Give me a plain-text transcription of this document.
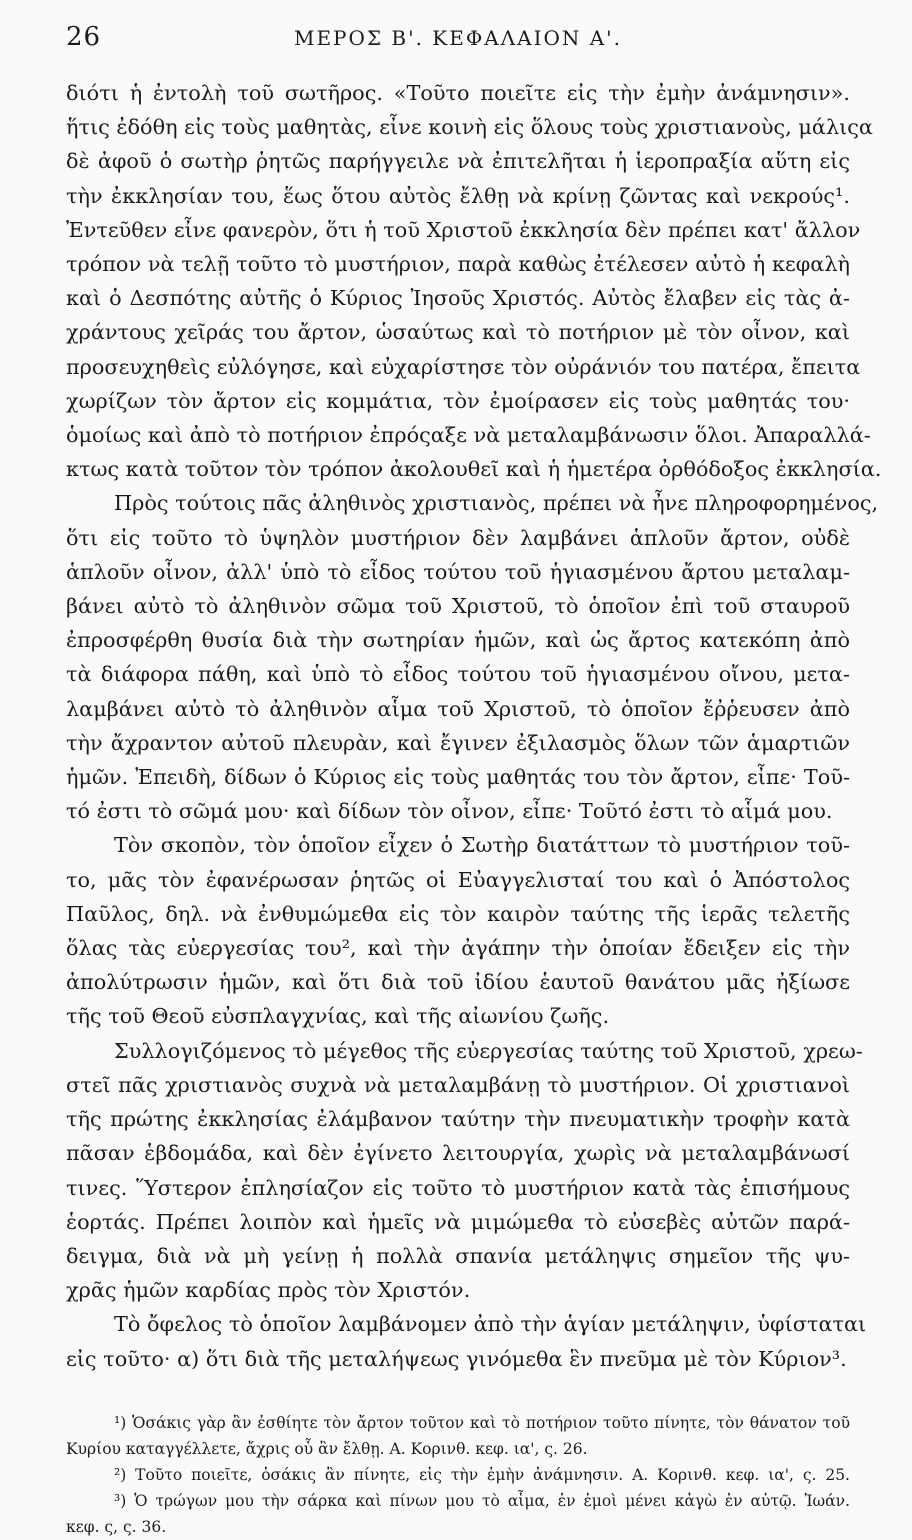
26	ΜΕΡΟΣ Β'. ΚΕΦΑΛΑΙΟΝ Α'.
διότι ἡ ἐντολὴ τοῦ σωτῆρος. «Τοῦτο ποιεῖτε εἰς τὴν ἐμὴν ἀνάμνησιν».
ἥτις ἐδόθη εἰς τοὺς μαθητὰς, εἶνε κοινὴ εἰς ὅλους τοὺς χριστιανοὺς, μάλιςα
δὲ ἀφοῦ ὁ σωτὴρ ῥητῶς παρήγγειλε νὰ ἐπιτελῆται ἡ ἱεροπραξία αὕτη εἰς
τὴν ἐκκλησίαν του, ἕως ὅτου αὐτὸς ἔλθῃ νὰ κρίνῃ ζῶντας καὶ νεκρούς¹.
Ἐντεῦθεν εἶνε φανερὸν, ὅτι ἡ τοῦ Χριστοῦ ἐκκλησία δὲν πρέπει κατ' ἄλλον
τρόπον νὰ τελῇ τοῦτο τὸ μυστήριον, παρὰ καθὼς ἐτέλεσεν αὐτὸ ἡ κεφαλὴ
καὶ ὁ Δεσπότης αὐτῆς ὁ Κύριος Ἰησοῦς Χριστός. Αὐτὸς ἔλαβεν εἰς τὰς ἀ-
χράντους χεῖράς του ἄρτον, ὡσαύτως καὶ τὸ ποτήριον μὲ τὸν οἶνον, καὶ
προσευχηθεὶς εὐλόγησε, καὶ εὐχαρίστησε τὸν οὐράνιόν του πατέρα, ἔπειτα
χωρίζων τὸν ἄρτον εἰς κομμάτια, τὸν ἐμοίρασεν εἰς τοὺς μαθητάς του·
ὁμοίως καὶ ἀπὸ τὸ ποτήριον ἐπρόςαξε νὰ μεταλαμβάνωσιν ὅλοι. Ἀπαραλλά-
κτως κατὰ τοῦτον τὸν τρόπον ἀκολουθεῖ καὶ ἡ ἡμετέρα ὀρθόδοξος ἐκκλησία.
Πρὸς τούτοις πᾶς ἀληθινὸς χριστιανὸς, πρέπει νὰ ἦνε πληροφορημένος,
ὅτι εἰς τοῦτο τὸ ὑψηλὸν μυστήριον δὲν λαμβάνει ἁπλοῦν ἄρτον, οὐδὲ
ἁπλοῦν οἶνον, ἀλλ' ὑπὸ τὸ εἶδος τούτου τοῦ ἡγιασμένου ἄρτου μεταλαμ-
βάνει αὐτὸ τὸ ἀληθινὸν σῶμα τοῦ Χριστοῦ, τὸ ὁποῖον ἐπὶ τοῦ σταυροῦ
ἐπροσφέρθη θυσία διὰ τὴν σωτηρίαν ἡμῶν, καὶ ὡς ἄρτος κατεκόπη ἀπὸ
τὰ διάφορα πάθη, καὶ ὑπὸ τὸ εἶδος τούτου τοῦ ἡγιασμένου οἴνου, μετα-
λαμβάνει αὐτὸ τὸ ἀληθινὸν αἷμα τοῦ Χριστοῦ, τὸ ὁποῖον ἔῤῥευσεν ἀπὸ
τὴν ἄχραντον αὐτοῦ πλευρὰν, καὶ ἔγινεν ἐξιλασμὸς ὅλων τῶν ἁμαρτιῶν
ἡμῶν. Ἐπειδὴ, δίδων ὁ Κύριος εἰς τοὺς μαθητάς του τὸν ἄρτον, εἶπε· Τοῦ-
τό ἐστι τὸ σῶμά μου· καὶ δίδων τὸν οἶνον, εἶπε· Τοῦτό ἐστι τὸ αἷμά μου.
Τὸν σκοπὸν, τὸν ὁποῖον εἶχεν ὁ Σωτὴρ διατάττων τὸ μυστήριον τοῦ-
το, μᾶς τὸν ἐφανέρωσαν ῥητῶς οἱ Εὐαγγελισταί του καὶ ὁ Ἀπόστολος
Παῦλος, δηλ. νὰ ἐνθυμώμεθα εἰς τὸν καιρὸν ταύτης τῆς ἱερᾶς τελετῆς
ὅλας τὰς εὐεργεσίας του², καὶ τὴν ἀγάπην τὴν ὁποίαν ἔδειξεν εἰς τὴν
ἀπολύτρωσιν ἡμῶν, καὶ ὅτι διὰ τοῦ ἰδίου ἑαυτοῦ θανάτου μᾶς ἠξίωσε
τῆς τοῦ Θεοῦ εὐσπλαγχνίας, καὶ τῆς αἰωνίου ζωῆς.
Συλλογιζόμενος τὸ μέγεθος τῆς εὐεργεσίας ταύτης τοῦ Χριστοῦ, χρεω-
στεῖ πᾶς χριστιανὸς συχνὰ νὰ μεταλαμβάνῃ τὸ μυστήριον. Οἱ χριστιανοὶ
τῆς πρώτης ἐκκλησίας ἐλάμβανον ταύτην τὴν πνευματικὴν τροφὴν κατὰ
πᾶσαν ἑβδομάδα, καὶ δὲν ἐγίνετο λειτουργία, χωρὶς νὰ μεταλαμβάνωσί
τινες. Ὕστερον ἐπλησίαζον εἰς τοῦτο τὸ μυστήριον κατὰ τὰς ἐπισήμους
ἑορτάς. Πρέπει λοιπὸν καὶ ἡμεῖς νὰ μιμώμεθα τὸ εὐσεβὲς αὐτῶν παρά-
δειγμα, διὰ νὰ μὴ γείνῃ ἡ πολλὰ σπανία μετάληψις σημεῖον τῆς ψυ-
χρᾶς ἡμῶν καρδίας πρὸς τὸν Χριστόν.
Τὸ ὄφελος τὸ ὁποῖον λαμβάνομεν ἀπὸ τὴν ἁγίαν μετάληψιν, ὑφίσταται
εἰς τοῦτο· α) ὅτι διὰ τῆς μεταλήψεως γινόμεθα ἓν πνεῦμα μὲ τὸν Κύριον³.
¹) Ὁσάκις γὰρ ἂν ἐσθίητε τὸν ἄρτον τοῦτον καὶ τὸ ποτήριον τοῦτο πίνητε, τὸν θάνατον τοῦ
Κυρίου καταγγέλλετε, ἄχρις οὗ ἂν ἔλθῃ. Α. Κορινθ. κεφ. ια', ς. 26.
²) Τοῦτο ποιεῖτε, ὁσάκις ἂν πίνητε, εἰς τὴν ἐμὴν ἀνάμνησιν. Α. Κορινθ. κεφ. ια', ς. 25.
³) Ὁ τρώγων μου τὴν σάρκα καὶ πίνων μου τὸ αἷμα, ἐν ἐμοὶ μένει κἀγὼ ἐν αὐτῷ. Ἰωάν.
κεφ. ς, ς. 36.
